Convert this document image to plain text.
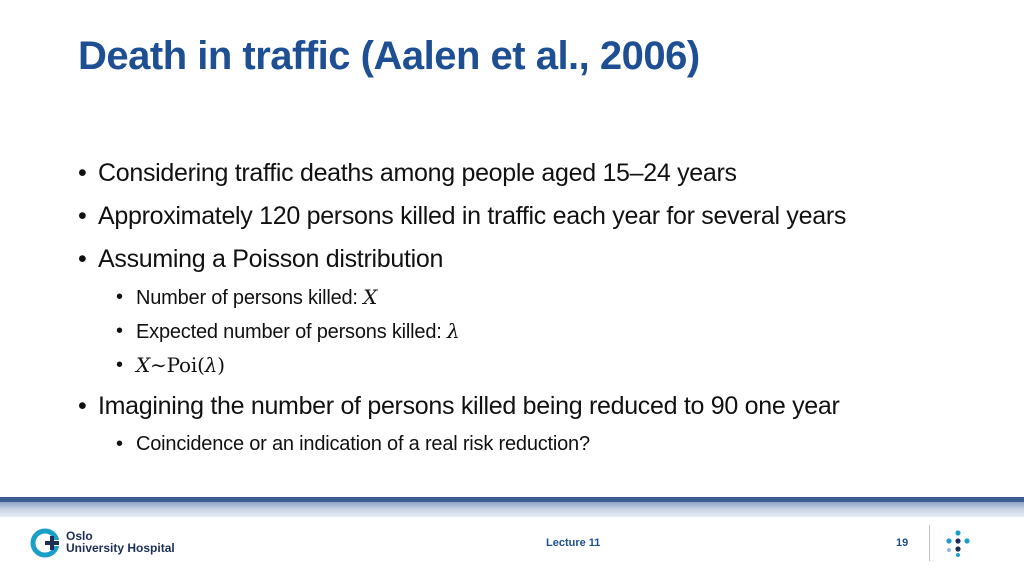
Death in traffic (Aalen et al., 2006)
• Considering traffic deaths among people aged 15–24 years
• Approximately 120 persons killed in traffic each year for several years
• Assuming a Poisson distribution
• Number of persons killed: X
• Expected number of persons killed: λ
• X∼Poi(λ)
• Imagining the number of persons killed being reduced to 90 one year
• Coincidence or an indication of a real risk reduction?
Oslo
University Hospital	Lecture 11	19
